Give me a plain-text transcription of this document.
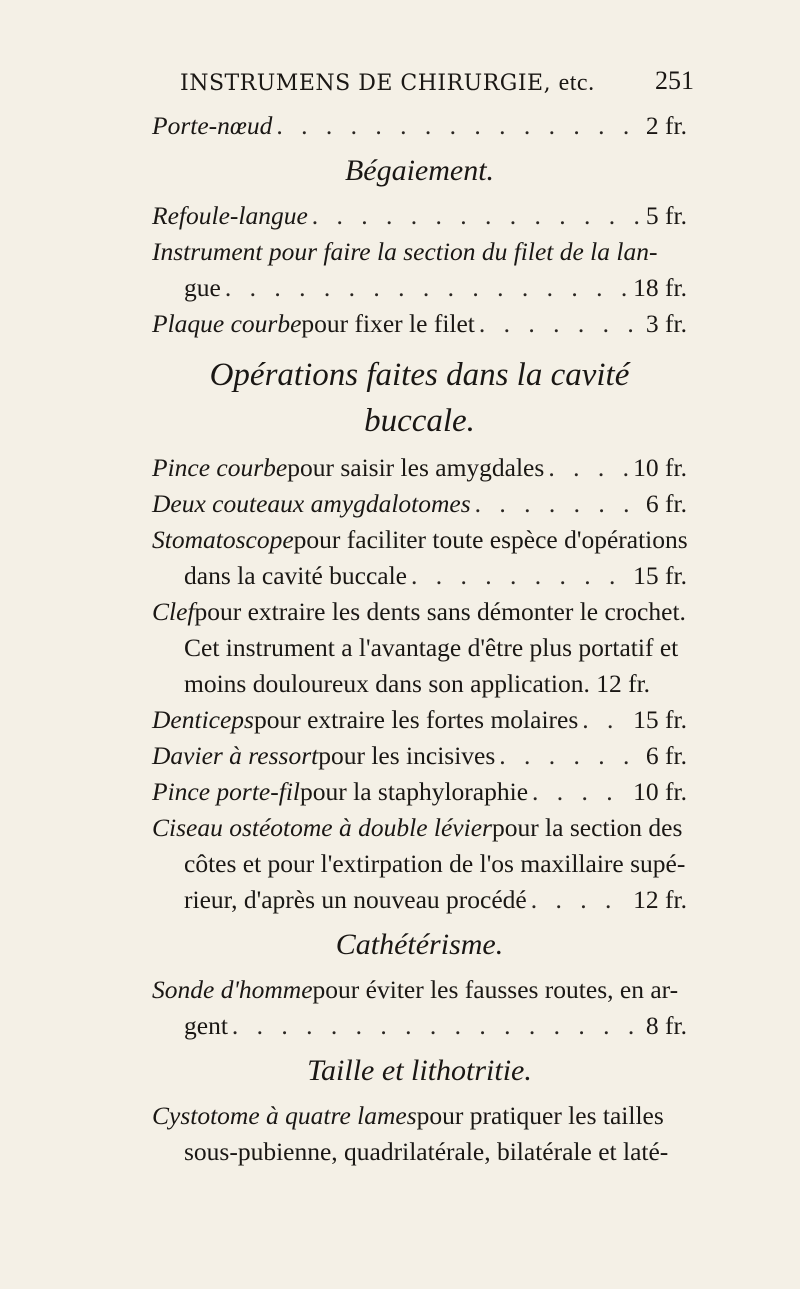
INSTRUMENS DE CHIRURGIE, etc.	251
Porte-nœud . . .	2 fr.
Bégaiement.
Refoule-langue . . .	5 fr.
Instrument pour faire la section du filet de la lan-
gue . . .	18 fr.
Plaque courbe pour fixer le filet . . .	3 fr.
Opérations faites dans la cavité buccale.
Pince courbe pour saisir les amygdales . . .	10 fr.
Deux couteaux amygdalotomes . . .	6 fr.
Stomatoscope pour faciliter toute espèce d'opérations
dans la cavité buccale . . .	15 fr.
Clef pour extraire les dents sans démonter le crochet.
Cet instrument a l'avantage d'être plus portatif et moins douloureux dans son application. 12 fr.
Denticeps pour extraire les fortes molaires . . . 15 fr.
Davier à ressort pour les incisives . . .	6 fr.
Pince porte-fil pour la staphyloraphie . . .	10 fr.
Ciseau ostéotome à double lévier pour la section des
côtes et pour l'extirpation de l'os maxillaire supé-
rieur, d'après un nouveau procédé . . .	12 fr.
Cathétérisme.
Sonde d'homme pour éviter les fausses routes, en ar-
gent . . .	8 fr.
Taille et lithotritie.
Cystotome à quatre lames pour pratiquer les tailles
sous-pubienne, quadrilatérale, bilatérale et laté-
